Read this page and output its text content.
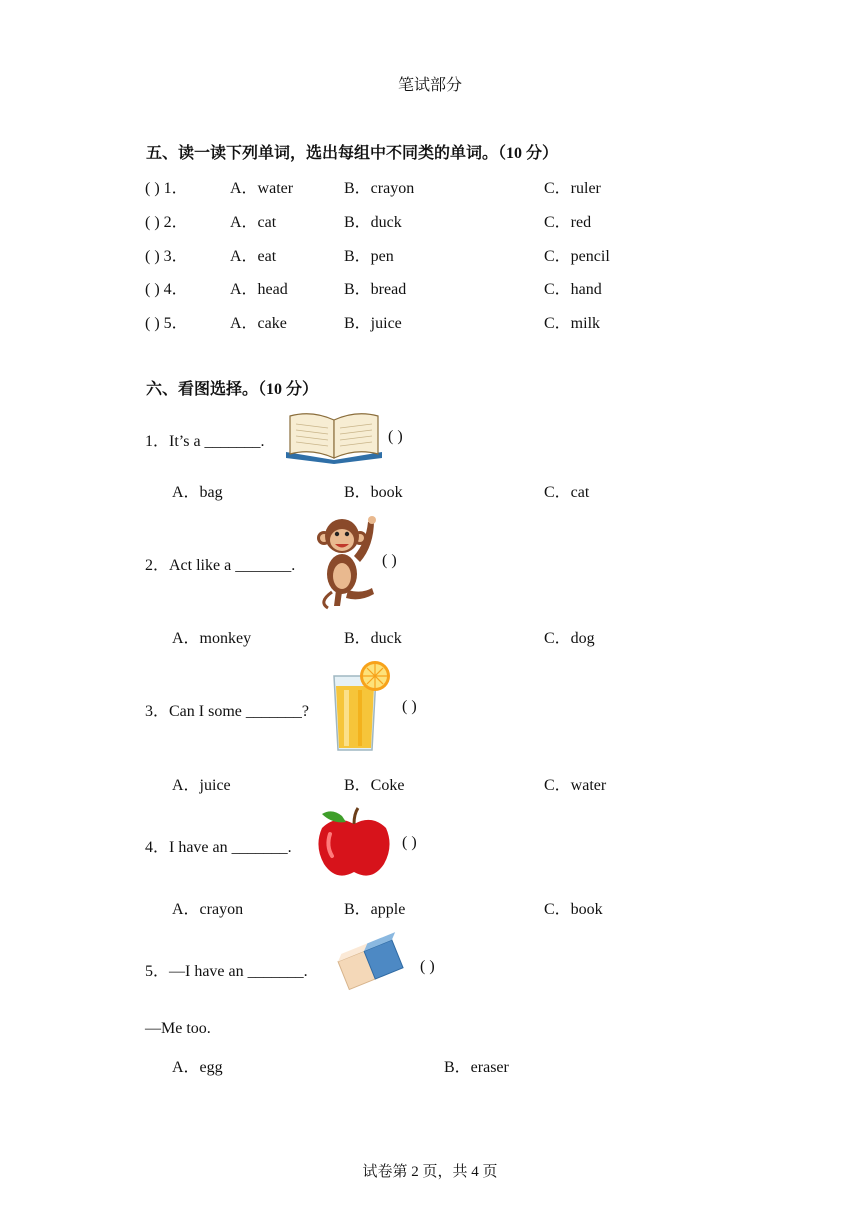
笔试部分
五、读一读下列单词，选出每组中不同类的单词。（10 分）
( ) 1．	A．water	B．crayon	C．ruler
( ) 2．	A．cat	B．duck	C．red
( ) 3．	A．eat	B．pen	C．pencil
( ) 4．	A．head	B．bread	C．hand
( ) 5．	A．cake	B．juice	C．milk
六、看图选择。（10 分）
1．It’s a _______.	( )
A．bag	B．book	C．cat
2．Act like a _______.	( )
A．monkey	B．duck	C．dog
3．Can I some _______?	( )
A．juice	B．Coke	C．water
4．I have an _______.	( )
A．crayon	B．apple	C．book
5．—I have an _______.	( )
—Me too.
A．egg	B．eraser
试卷第 2 页，共 4 页
